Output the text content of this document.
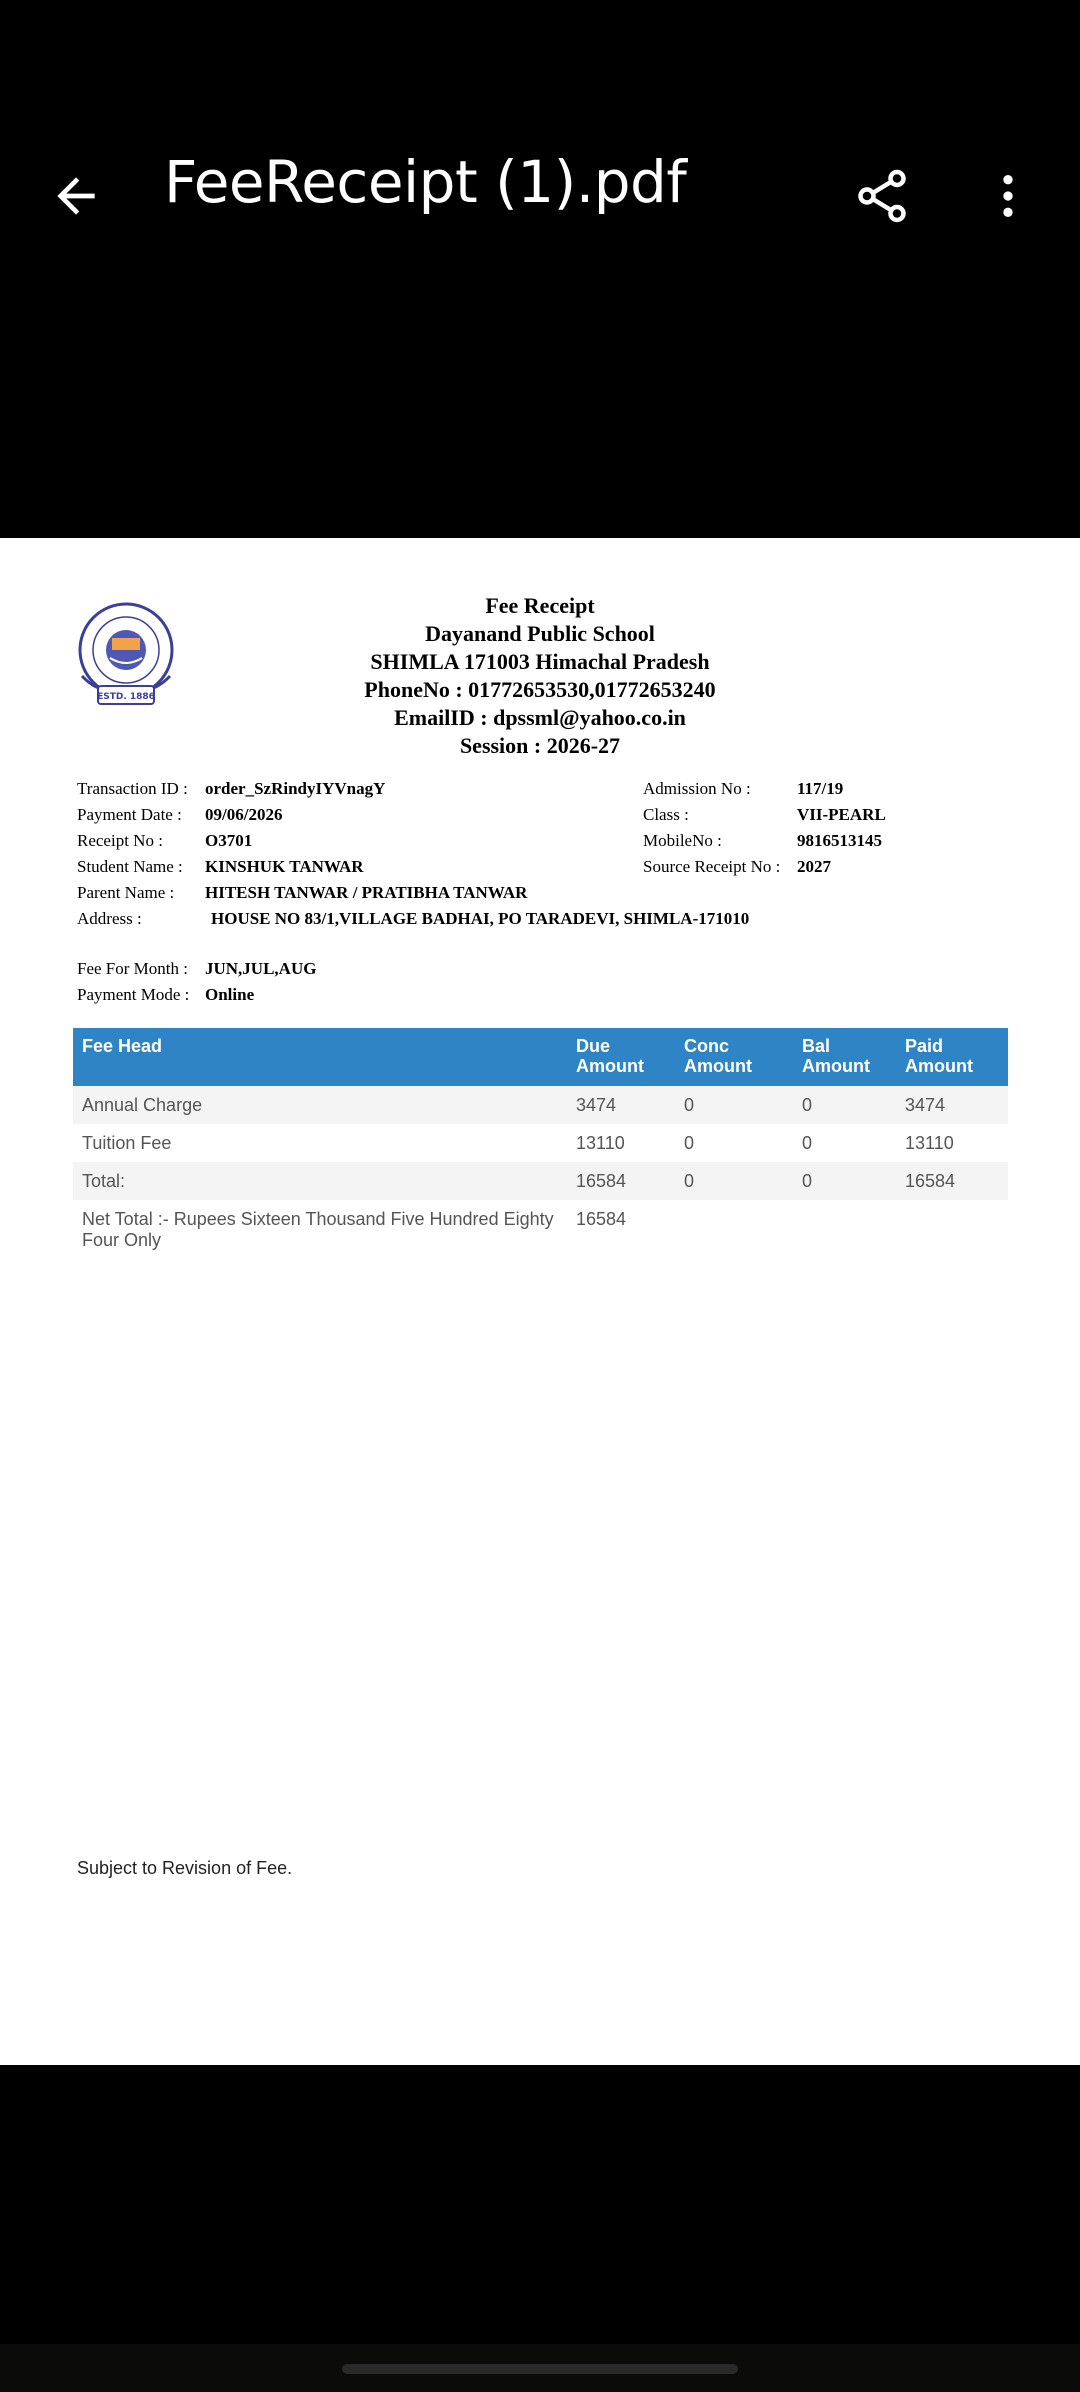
FeeReceipt (1).pdf
ESTD. 1886
Fee Receipt
Dayanand Public School
SHIMLA 171003 Himachal Pradesh
PhoneNo : 01772653530,01772653240
EmailID : dpssml@yahoo.co.in
Session : 2026-27
Transaction ID : order_SzRindyIYVnagY
Payment Date : 09/06/2026
Receipt No : O3701
Student Name : KINSHUK TANWAR
Parent Name : HITESH TANWAR / PRATIBHA TANWAR
Address :	HOUSE NO 83/1,VILLAGE BADHAI, PO TARADEVI, SHIMLA-171010
Admission No :	117/19
Class :	VII-PEARL
MobileNo :	9816513145
Source Receipt No : 2027
Fee For Month : JUN,JUL,AUG
Payment Mode : Online
Fee Head	Due Amount	Conc Amount	Bal Amount	Paid Amount
Annual Charge	3474	0	0	3474
Tuition Fee	13110	0	0	13110
Total:	16584	0	0	16584
Net Total :- Rupees Sixteen Thousand Five Hundred Eighty Four Only	16584			
Subject to Revision of Fee.
